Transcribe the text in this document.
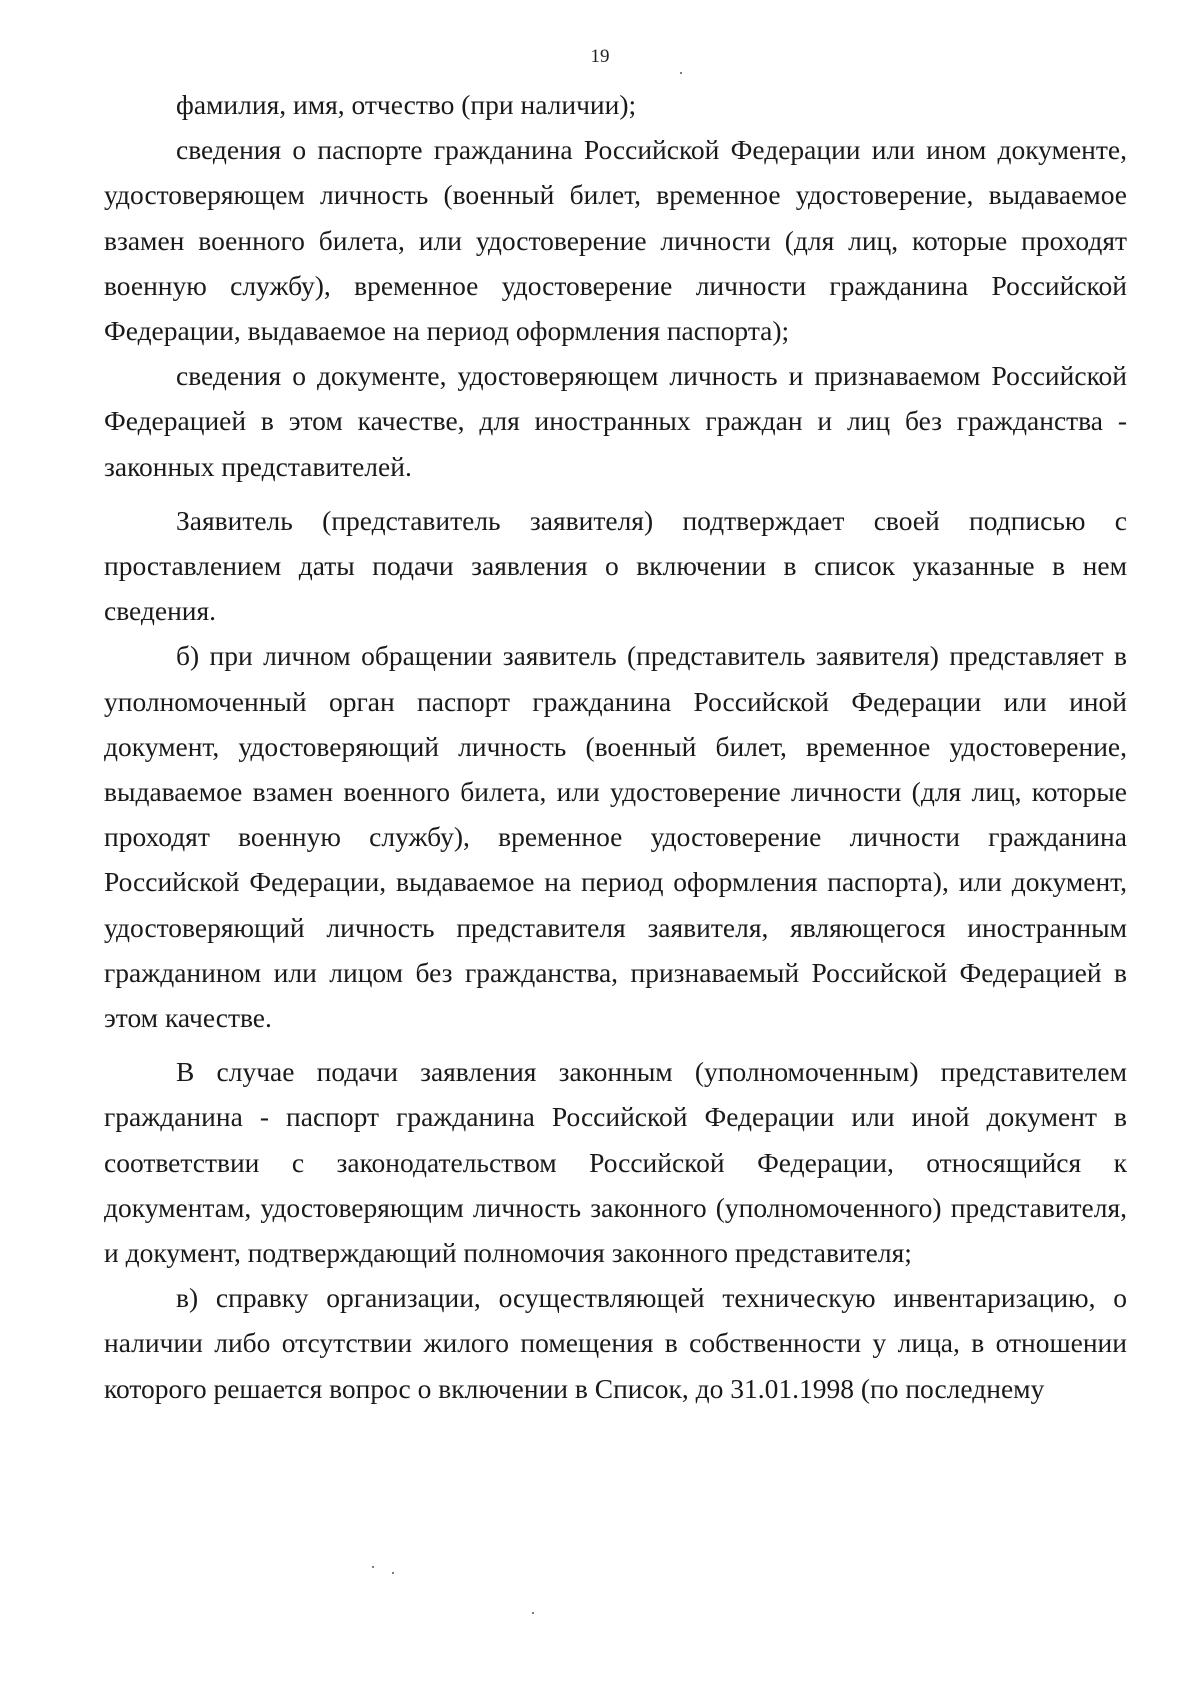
19

фамилия, имя, отчество (при наличии);

сведения о паспорте гражданина Российской Федерации или ином документе, удостоверяющем личность (военный билет, временное удостоверение, выдаваемое взамен военного билета, или удостоверение личности (для лиц, которые проходят военную службу), временное удостоверение личности гражданина Российской Федерации, выдаваемое на период оформления паспорта);

сведения о документе, удостоверяющем личность и признаваемом Российской Федерацией в этом качестве, для иностранных граждан и лиц без гражданства - законных представителей.

Заявитель (представитель заявителя) подтверждает своей подписью с проставлением даты подачи заявления о включении в список указанные в нем сведения.

б) при личном обращении заявитель (представитель заявителя) представляет в уполномоченный орган паспорт гражданина Российской Федерации или иной документ, удостоверяющий личность (военный билет, временное удостоверение, выдаваемое взамен военного билета, или удостоверение личности (для лиц, которые проходят военную службу), временное удостоверение личности гражданина Российской Федерации, выдаваемое на период оформления паспорта), или документ, удостоверяющий личность представителя заявителя, являющегося иностранным гражданином или лицом без гражданства, признаваемый Российской Федерацией в этом качестве.

В случае подачи заявления законным (уполномоченным) представителем гражданина - паспорт гражданина Российской Федерации или иной документ в соответствии с законодательством Российской Федерации, относящийся к документам, удостоверяющим личность законного (уполномоченного) представителя, и документ, подтверждающий полномочия законного представителя;

в) справку организации, осуществляющей техническую инвентаризацию, о наличии либо отсутствии жилого помещения в собственности у лица, в отношении которого решается вопрос о включении в Список, до 31.01.1998 (по последнему
